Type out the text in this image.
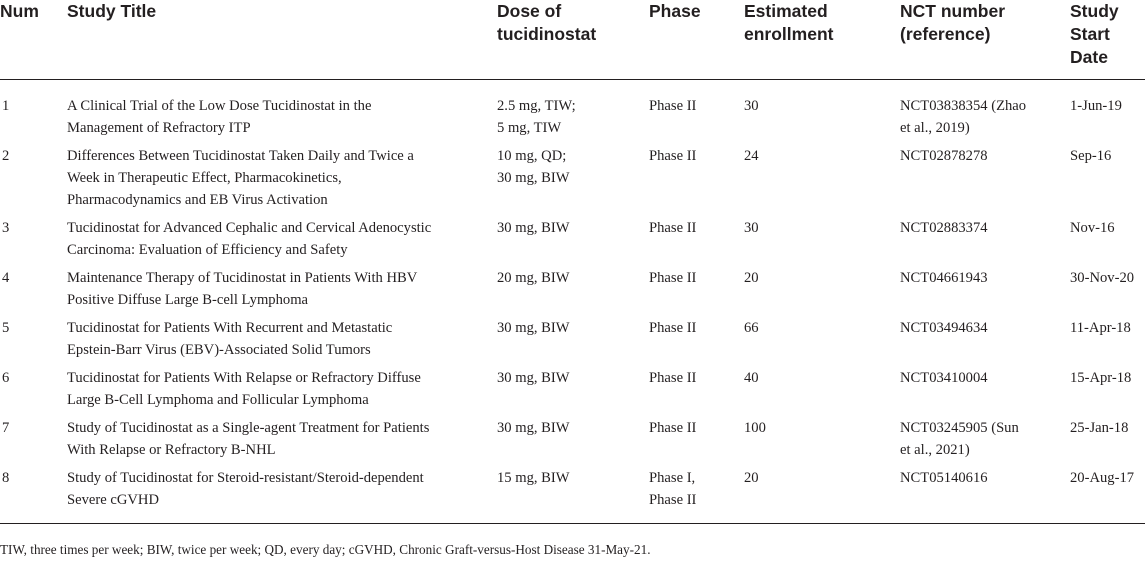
Num	Study Title	Dose of tucidinostat	Phase	Estimated enrollment	NCT number (reference)	Study Start Date
1	A Clinical Trial of the Low Dose Tucidinostat in the
Management of Refractory ITP	2.5 mg, TIW;
5 mg, TIW	Phase II	30	NCT03838354 (Zhao
et al., 2019)	1-Jun-19
2	Differences Between Tucidinostat Taken Daily and Twice a
Week in Therapeutic Effect, Pharmacokinetics,
Pharmacodynamics and EB Virus Activation	10 mg, QD;
30 mg, BIW	Phase II	24	NCT02878278	Sep-16
3	Tucidinostat for Advanced Cephalic and Cervical Adenocystic
Carcinoma: Evaluation of Efficiency and Safety	30 mg, BIW	Phase II	30	NCT02883374	Nov-16
4	Maintenance Therapy of Tucidinostat in Patients With HBV
Positive Diffuse Large B-cell Lymphoma	20 mg, BIW	Phase II	20	NCT04661943	30-Nov-20
5	Tucidinostat for Patients With Recurrent and Metastatic
Epstein-Barr Virus (EBV)-Associated Solid Tumors	30 mg, BIW	Phase II	66	NCT03494634	11-Apr-18
6	Tucidinostat for Patients With Relapse or Refractory Diffuse
Large B-Cell Lymphoma and Follicular Lymphoma	30 mg, BIW	Phase II	40	NCT03410004	15-Apr-18
7	Study of Tucidinostat as a Single-agent Treatment for Patients
With Relapse or Refractory B-NHL	30 mg, BIW	Phase II	100	NCT03245905 (Sun
et al., 2021)	25-Jan-18
8	Study of Tucidinostat for Steroid-resistant/Steroid-dependent
Severe cGVHD	15 mg, BIW	Phase I,
Phase II	20	NCT05140616	20-Aug-17
TIW, three times per week; BIW, twice per week; QD, every day; cGVHD, Chronic Graft-versus-Host Disease 31-May-21.
